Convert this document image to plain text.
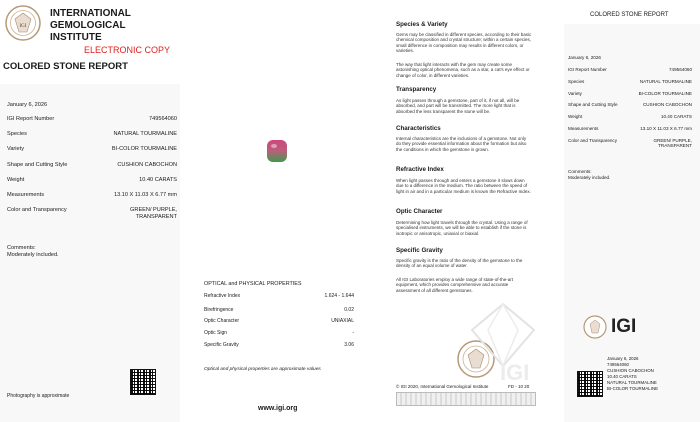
IGI
INTERNATIONAL
GEMOLOGICAL
INSTITUTE
ELECTRONIC COPY
COLORED STONE REPORT
January 6, 2026
IGI Report Number	749564060
Species	NATURAL TOURMALINE
Variety	BI-COLOR TOURMALINE
Shape and Cutting Style	CUSHION CABOCHON
Weight	10.40 CARATS
Measurements	13.10 X 11.03 X 6.77 mm
Color and Transparency	GREEN/ PURPLE,
TRANSPARENT
Comments:
Moderately included.
Photography is approximate
OPTICAL and PHYSICAL PROPERTIES
Refractive Index	1.624 - 1.644
Birefringence	0.02
Optic Character	UNIAXIAL
Optic Sign	-
Specific Gravity	3.06
Optical and physical properties are approximate values
www.igi.org
Species & Variety
Gems may be classified in different species, according to their basic chemical composition and crystal structure; within a certain species, small difference in composition may results in different colors, or varieties.
The way that light interacts with the gem may create some astonishing optical phenomena, such as a star, a cat's eye effect or change of color, in different varieties.
Transparency
As light passes through a gemstone, part of it, if not all, will be absorbed, and part will be transmitted. The more light that is absorbed the less transparent the stone will be.
Characteristics
Internal characteristics are the inclusions of a gemstone. Not only do they provide essential information about the formation but also the conditions in which the gemstone is grown.
Refractive Index
When light passes through and enters a gemstone it slows down due to a difference in the medium. The ratio between the speed of light in air and in a particular medium is known the Refractive Index.
Optic Character
Determining how light travels through the crystal. Using a range of specialised instruments, we will be able to establish if the stone is isotropic or anisotropic, uniaxial or biaxial.
Specific Gravity
Specific gravity is the ratio of the density of the gemstone to the density of an equal volume of water.
All IGI Laboratories employ a wide range of state-of-the-art equipment, which provides comprehensive and accurate assessment of all different gemstones.
IGI
© IGI 2020, International Gemological Institute	FD - 10 20
COLORED STONE REPORT
January 6, 2026
IGI Report Number	749564060
Species	NATURAL TOURMALINE
Variety	BI-COLOR TOURMALINE
Shape and Cutting Style	CUSHION CABOCHON
Weight	10.40 CARATS
Measurements	13.10 X 11.03 X 6.77 mm
Color and Transparency	GREEN/ PURPLE,
TRANSPARENT
Comments:
Moderately included.
IGI
January 6, 2026
749564060
CUSHION CABOCHON
10.40 CARATS
NATURAL TOURMALINE
BI-COLOR TOURMALINE
